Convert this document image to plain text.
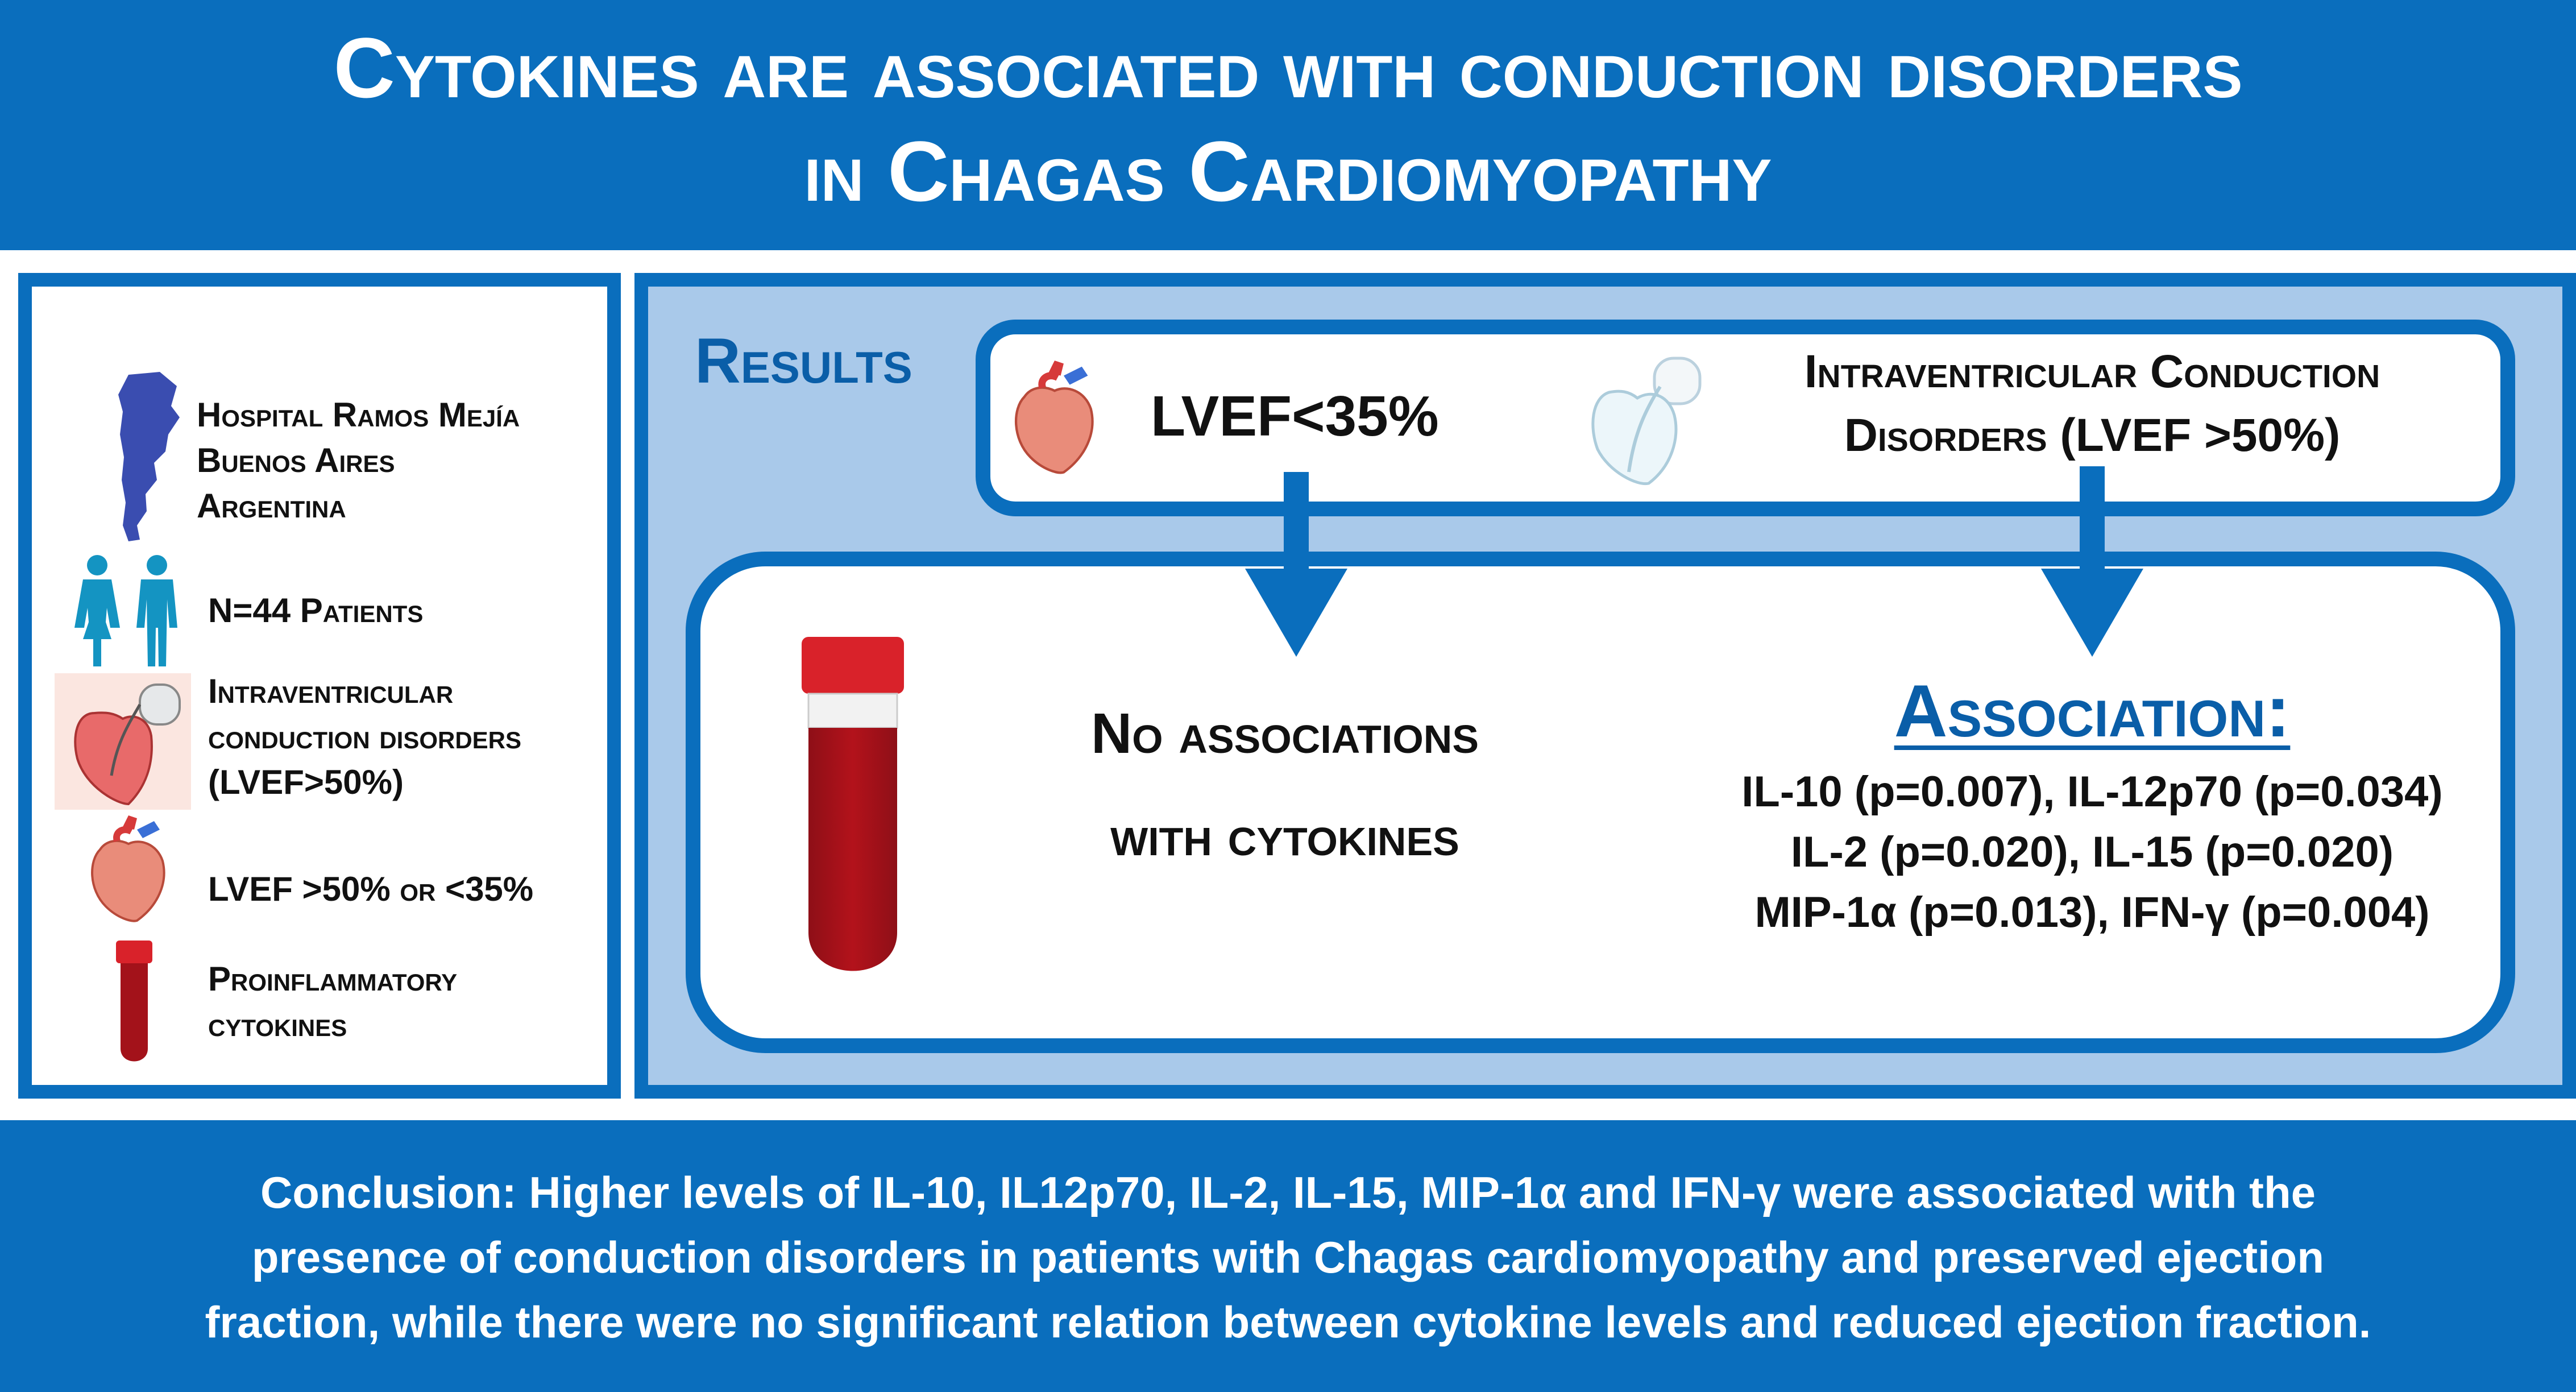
Cytokines are associated with conduction disorders
in Chagas Cardiomyopathy
Hospital Ramos Mejía
Buenos Aires
Argentina
N=44 Patients
Intraventricular
conduction disorders
(LVEF>50%)
LVEF >50% or <35%
Proinflammatory
cytokines
Results
LVEF<35%
Intraventricular Conduction
Disorders (LVEF >50%)
No associations
with cytokines
Association:
IL-10 (p=0.007), IL-12p70 (p=0.034)
IL-2 (p=0.020), IL-15 (p=0.020)
MIP-1α (p=0.013), IFN-γ (p=0.004)
Conclusion: Higher levels of IL-10, IL12p70, IL-2, IL-15, MIP-1α and IFN-γ were associated with the
presence of conduction disorders in patients with Chagas cardiomyopathy and preserved ejection
fraction, while there were no significant relation between cytokine levels and reduced ejection fraction.
